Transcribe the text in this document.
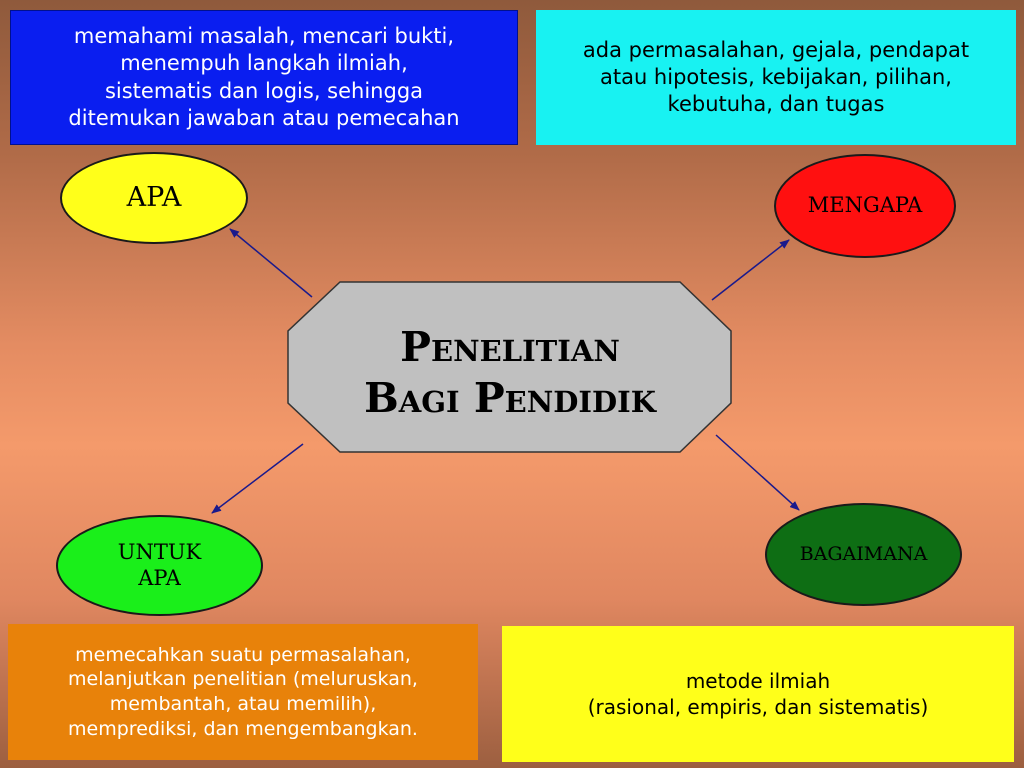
memahami masalah, mencari bukti,
menempuh langkah ilmiah,
sistematis dan logis, sehingga
ditemukan jawaban atau pemecahan
ada permasalahan, gejala, pendapat
atau hipotesis, kebijakan, pilihan,
kebutuha, dan tugas
Penelitian
Bagi Pendidik
APA	MENGAPA
UNTUK
APA
BAGAIMANA
memecahkan suatu permasalahan,
melanjutkan penelitian (meluruskan,
membantah, atau memilih),
memprediksi, dan mengembangkan.
metode ilmiah
(rasional, empiris, dan sistematis)
